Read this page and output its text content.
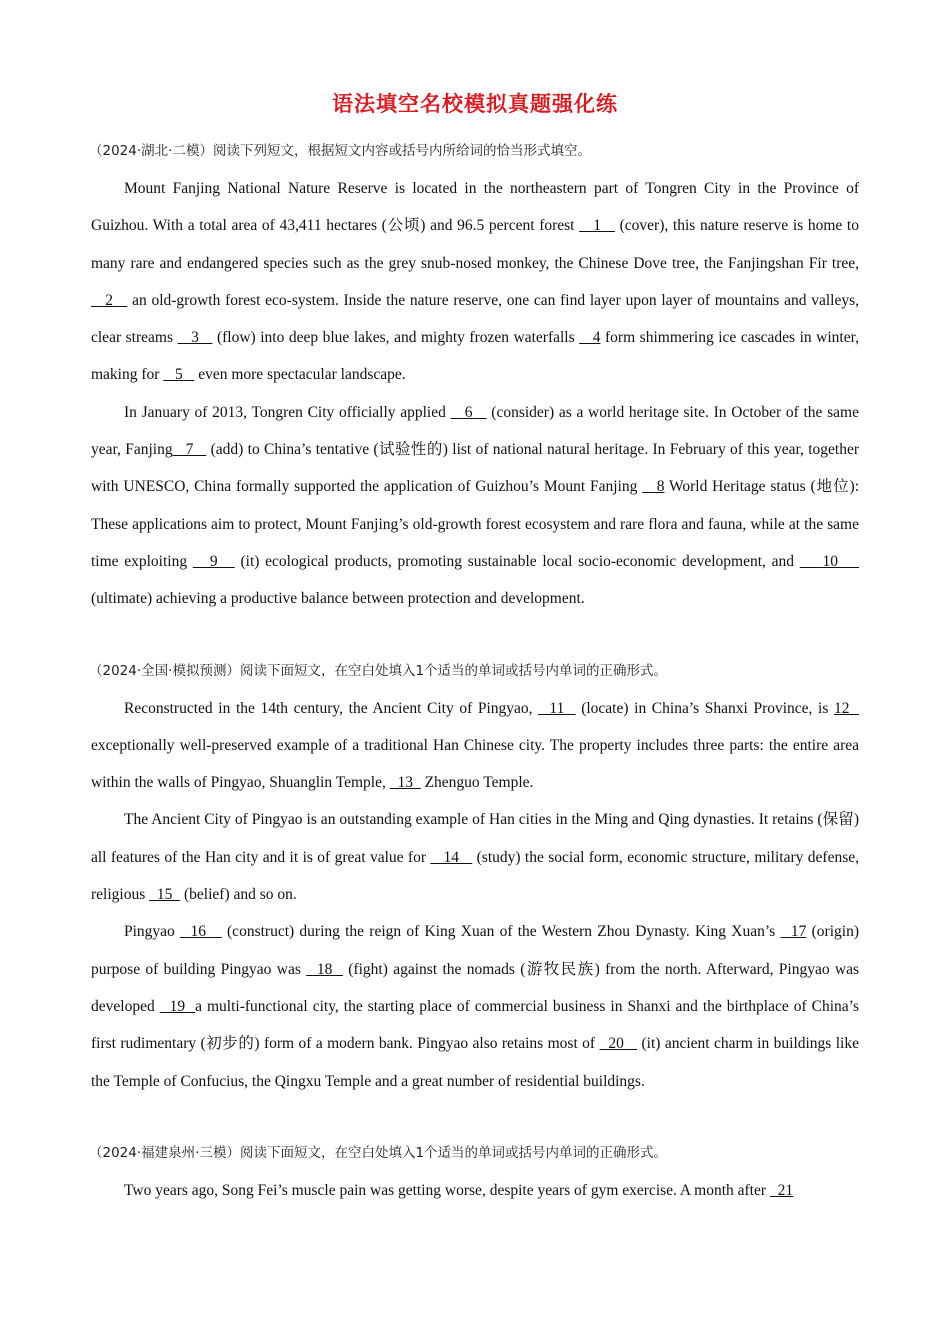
语法填空名校模拟真题强化练
（2024·湖北·二模）阅读下列短文，根据短文内容或括号内所给词的恰当形式填空。

Mount Fanjing National Nature Reserve is located in the northeastern part of Tongren City in the Province of Guizhou. With a total area of 43,411 hectares (公顷) and 96.5 percent forest    1    (cover), this nature reserve is home to many rare and endangered species such as the grey snub-nosed monkey, the Chinese Dove tree, the Fanjingshan Fir tree,    2    an old-growth forest eco-system. Inside the nature reserve, one can find layer upon layer of mountains and valleys, clear streams    3    (flow) into deep blue lakes, and mighty frozen waterfalls    4 form shimmering ice cascades in winter, making for    5    even more spectacular landscape.

In January of 2013, Tongren City officially applied    6    (consider) as a world heritage site. In October of the same year, Fanjing   7    (add) to China’s tentative (试验性的) list of national natural heritage. In February of this year, together with UNESCO, China formally supported the application of Guizhou’s Mount Fanjing    8 World Heritage status (地位): These applications aim to protect, Mount Fanjing’s old-growth forest ecosystem and rare flora and fauna, while at the same time exploiting    9    (it) ecological products, promoting sustainable local socio-economic development, and     10     (ultimate) achieving a productive balance between protection and development.

（2024·全国·模拟预测）阅读下面短文，在空白处填入1个适当的单词或括号内单词的正确形式。

Reconstructed in the 14th century, the Ancient City of Pingyao,   11   (locate) in China’s Shanxi Province, is 12   exceptionally well-preserved example of a traditional Han Chinese city. The property includes three parts: the entire area within the walls of Pingyao, Shuanglin Temple,   13   Zhenguo Temple.

The Ancient City of Pingyao is an outstanding example of Han cities in the Ming and Qing dynasties. It retains (保留) all features of the Han city and it is of great value for    14    (study) the social form, economic structure, military defense, religious   15   (belief) and so on.

Pingyao   16    (construct) during the reign of King Xuan of the Western Zhou Dynasty. King Xuan’s   17 (origin) purpose of building Pingyao was   18   (fight) against the nomads (游牧民族) from the north. Afterward, Pingyao was developed   19  a multi-functional city, the starting place of commercial business in Shanxi and the birthplace of China’s first rudimentary (初步的) form of a modern bank. Pingyao also retains most of   20    (it) ancient charm in buildings like the Temple of Confucius, the Qingxu Temple and a great number of residential buildings.

（2024·福建泉州·三模）阅读下面短文，在空白处填入1个适当的单词或括号内单词的正确形式。

Two years ago, Song Fei’s muscle pain was getting worse, despite years of gym exercise. A month after   21
